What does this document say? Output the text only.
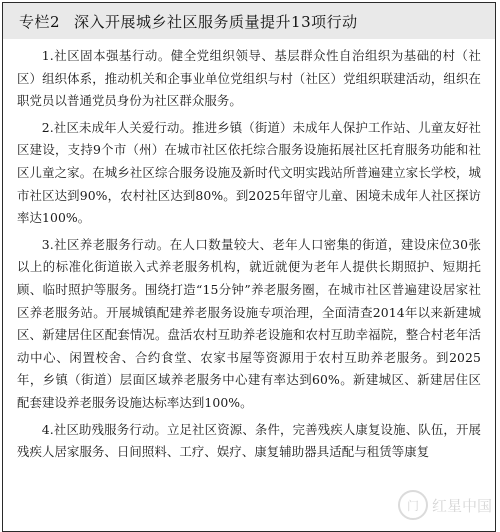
专栏2 深入开展城乡社区服务质量提升13项行动

1.社区固本强基行动。健全党组织领导、基层群众性自治组织为基础的村（社区）组织体系，推动机关和企事业单位党组织与村（社区）党组织联建活动，组织在职党员以普通党员身份为社区群众服务。

2.社区未成年人关爱行动。推进乡镇（街道）未成年人保护工作站、儿童友好社区建设，支持9个市（州）在城市社区依托综合服务设施拓展社区托育服务功能和社区儿童之家。在城乡社区综合服务设施及新时代文明实践站所普遍建立家长学校，城市社区达到90%，农村社区达到80%。到2025年留守儿童、困境未成年人社区探访率达100%。

3.社区养老服务行动。在人口数量较大、老年人口密集的街道，建设床位30张以上的标准化街道嵌入式养老服务机构，就近就便为老年人提供长期照护、短期托顾、临时照护等服务。围绕打造“15分钟”养老服务圈，在城市社区普遍建设居家社区养老服务站。开展城镇配建养老服务设施专项治理，全面清查2014年以来新建城区、新建居住区配套情况。盘活农村互助养老设施和农村互助幸福院，整合村老年活动中心、闲置校舍、合约食堂、农家书屋等资源用于农村互助养老服务。到2025年，乡镇（街道）层面区域养老服务中心建有率达到60%。新建城区、新建居住区配套建设养老服务设施达标率达到100%。

4.社区助残服务行动。立足社区资源、条件，完善残疾人康复设施、队伍，开展残疾人居家服务、日间照料、工疗、娱疗、康复辅助器具适配与租赁等康复

门 红星中国
